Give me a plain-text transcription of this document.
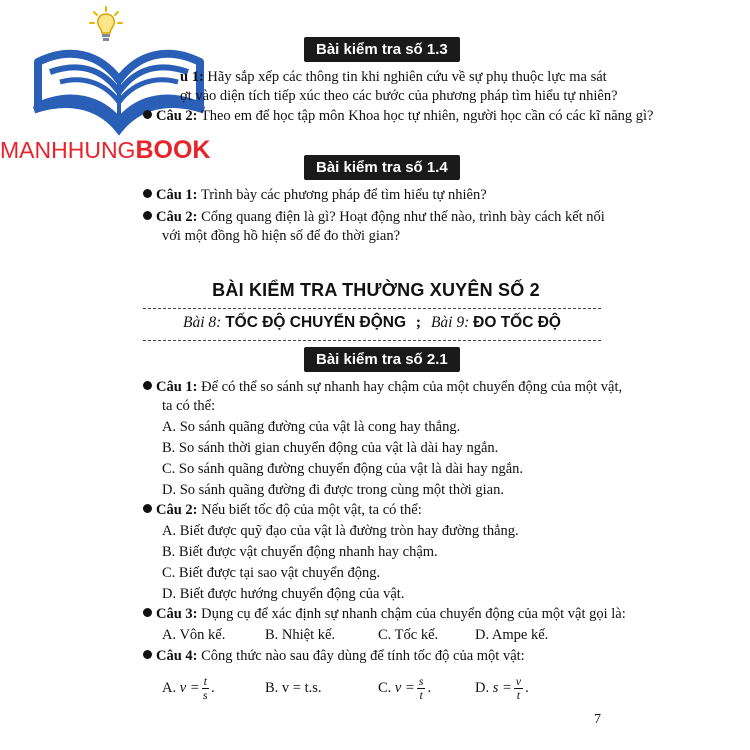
MANHHUNGBOOK
Bài kiểm tra số 1.3
u 1: Hãy sắp xếp các thông tin khi nghiên cứu về sự phụ thuộc lực ma sát
ợt vào diện tích tiếp xúc theo các bước của phương pháp tìm hiểu tự nhiên?
Câu 2: Theo em để học tập môn Khoa học tự nhiên, người học cần có các kĩ năng gì?
Bài kiểm tra số 1.4
Câu 1: Trình bày các phương pháp để tìm hiểu tự nhiên?
Câu 2: Cổng quang điện là gì? Hoạt động như thế nào, trình bày cách kết nối
với một đồng hồ hiện số để đo thời gian?
BÀI KIỂM TRA THƯỜNG XUYÊN SỐ 2
Bài 8: TỐC ĐỘ CHUYỂN ĐỘNG ; Bài 9: ĐO TỐC ĐỘ
Bài kiểm tra số 2.1
Câu 1: Để có thể so sánh sự nhanh hay chậm của một chuyển động của một vật,
ta có thể:
A. So sánh quãng đường của vật là cong hay thẳng.
B. So sánh thời gian chuyển động của vật là dài hay ngắn.
C. So sánh quãng đường chuyển động của vật là dài hay ngắn.
D. So sánh quãng đường đi được trong cùng một thời gian.
Câu 2: Nếu biết tốc độ của một vật, ta có thể:
A. Biết được quỹ đạo của vật là đường tròn hay đường thẳng.
B. Biết được vật chuyển động nhanh hay chậm.
C. Biết được tại sao vật chuyển động.
D. Biết được hướng chuyển động của vật.
Câu 3: Dụng cụ để xác định sự nhanh chậm của chuyển động của một vật gọi là:
A. Vôn kế.	B. Nhiệt kế.	C. Tốc kế.	D. Ampe kế.
Câu 4: Công thức nào sau đây dùng để tính tốc độ của một vật:
A. $v = \frac{t}{s}$ .	B. v = t.s.	C. $v = \frac{s}{t}$ .	D. $s = \frac{v}{t}$ .
7
